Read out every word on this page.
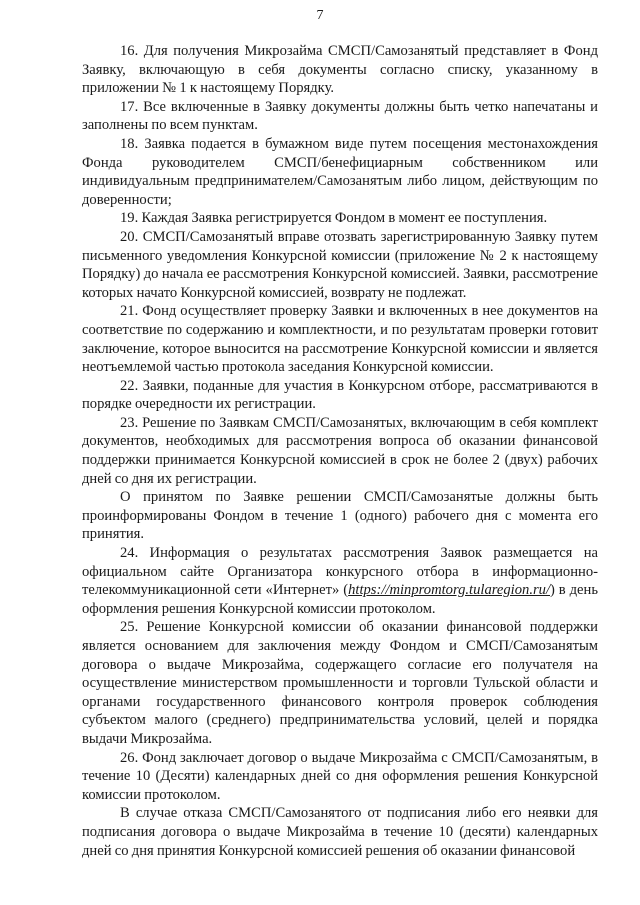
7

16. Для получения Микрозайма СМСП/Самозанятый представляет в Фонд Заявку, включающую в себя документы согласно списку, указанному в приложении № 1 к настоящему Порядку.

17. Все включенные в Заявку документы должны быть четко напечатаны и заполнены по всем пунктам.

18. Заявка подается в бумажном виде путем посещения местонахождения Фонда руководителем СМСП/бенефициарным собственником или индивидуальным предпринимателем/Самозанятым либо лицом, действующим по доверенности;

19. Каждая Заявка регистрируется Фондом в момент ее поступления.

20. СМСП/Самозанятый вправе отозвать зарегистрированную Заявку путем письменного уведомления Конкурсной комиссии (приложение № 2 к настоящему Порядку) до начала ее рассмотрения Конкурсной комиссией. Заявки, рассмотрение которых начато Конкурсной комиссией, возврату не подлежат.

21. Фонд осуществляет проверку Заявки и включенных в нее документов на соответствие по содержанию и комплектности, и по результатам проверки готовит заключение, которое выносится на рассмотрение Конкурсной комиссии и является неотъемлемой частью протокола заседания Конкурсной комиссии.

22. Заявки, поданные для участия в Конкурсном отборе, рассматриваются в порядке очередности их регистрации.

23. Решение по Заявкам СМСП/Самозанятых, включающим в себя комплект документов, необходимых для рассмотрения вопроса об оказании финансовой поддержки принимается Конкурсной комиссией в срок не более 2 (двух) рабочих дней со дня их регистрации.

О принятом по Заявке решении СМСП/Самозанятые должны быть проинформированы Фондом в течение 1 (одного) рабочего дня с момента его принятия.

24. Информация о результатах рассмотрения Заявок размещается на официальном сайте Организатора конкурсного отбора в информационно-телекоммуникационной сети «Интернет» (https://minpromtorg.tularegion.ru/) в день оформления решения Конкурсной комиссии протоколом.

25. Решение Конкурсной комиссии об оказании финансовой поддержки является основанием для заключения между Фондом и СМСП/Самозанятым договора о выдаче Микрозайма, содержащего согласие его получателя на осуществление министерством промышленности и торговли Тульской области и органами государственного финансового контроля проверок соблюдения субъектом малого (среднего) предпринимательства условий, целей и порядка выдачи Микрозайма.

26. Фонд заключает договор о выдаче Микрозайма с СМСП/Самозанятым, в течение 10 (Десяти) календарных дней со дня оформления решения Конкурсной комиссии протоколом.

В случае отказа СМСП/Самозанятого от подписания либо его неявки для подписания договора о выдаче Микрозайма в течение 10 (десяти) календарных дней со дня принятия Конкурсной комиссией решения об оказании финансовой
